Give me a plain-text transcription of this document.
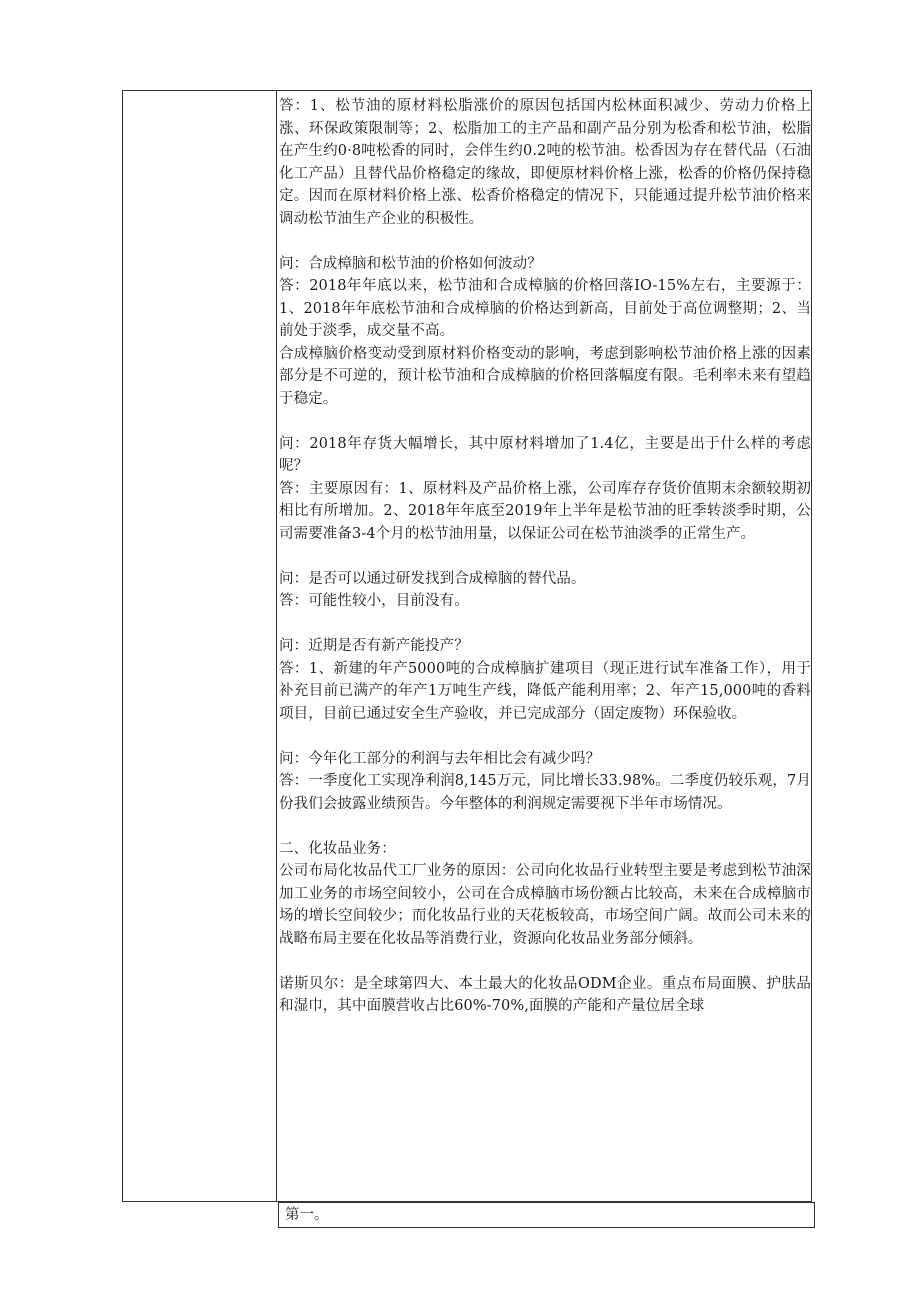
答：1、松节油的原材料松脂涨价的原因包括国内松林面积减少、劳动力价格上涨、环保政策限制等；2、松脂加工的主产品和副产品分别为松香和松节油，松脂在产生约0·8吨松香的同时，会伴生约0.2吨的松节油。松香因为存在替代品（石油化工产品）且替代品价格稳定的缘故，即便原材料价格上涨，松香的价格仍保持稳定。因而在原材料价格上涨、松香价格稳定的情况下，只能通过提升松节油价格来调动松节油生产企业的积极性。

问：合成樟脑和松节油的价格如何波动？

答：2018年年底以来，松节油和合成樟脑的价格回落IO-15%左右，主要源于：1、2018年年底松节油和合成樟脑的价格达到新高，目前处于高位调整期；2、当前处于淡季，成交量不高。

合成樟脑价格变动受到原材料价格变动的影响，考虑到影响松节油价格上涨的因素部分是不可逆的，预计松节油和合成樟脑的价格回落幅度有限。毛利率未来有望趋于稳定。

问：2018年存货大幅增长，其中原材料增加了1.4亿，主要是出于什么样的考虑呢？

答：主要原因有：1、原材料及产品价格上涨，公司库存存货价值期末余额较期初相比有所增加。2、2018年年底至2019年上半年是松节油的旺季转淡季时期，公司需要准备3-4个月的松节油用量，以保证公司在松节油淡季的正常生产。

问：是否可以通过研发找到合成樟脑的替代品。

答：可能性较小，目前没有。

问：近期是否有新产能投产？

答：1、新建的年产5000吨的合成樟脑扩建项目（现正进行试车准备工作），用于补充目前已满产的年产1万吨生产线，降低产能利用率；2、年产15,000吨的香料项目，目前已通过安全生产验收，并已完成部分（固定废物）环保验收。

问：今年化工部分的利润与去年相比会有减少吗？

答：一季度化工实现净利润8,145万元，同比增长33.98%。二季度仍较乐观，7月份我们会披露业绩预告。今年整体的利润规定需要视下半年市场情况。

二、化妆品业务：

公司布局化妆品代工厂业务的原因：公司向化妆品行业转型主要是考虑到松节油深加工业务的市场空间较小，公司在合成樟脑市场份额占比较高，未来在合成樟脑市场的增长空间较少；而化妆品行业的天花板较高，市场空间广阔。故而公司未来的战略布局主要在化妆品等消费行业，资源向化妆品业务部分倾斜。

诺斯贝尔：是全球第四大、本土最大的化妆品ODM企业。重点布局面膜、护肤品和湿巾，其中面膜营收占比60%-70%,面膜的产能和产量位居全球

第一。
